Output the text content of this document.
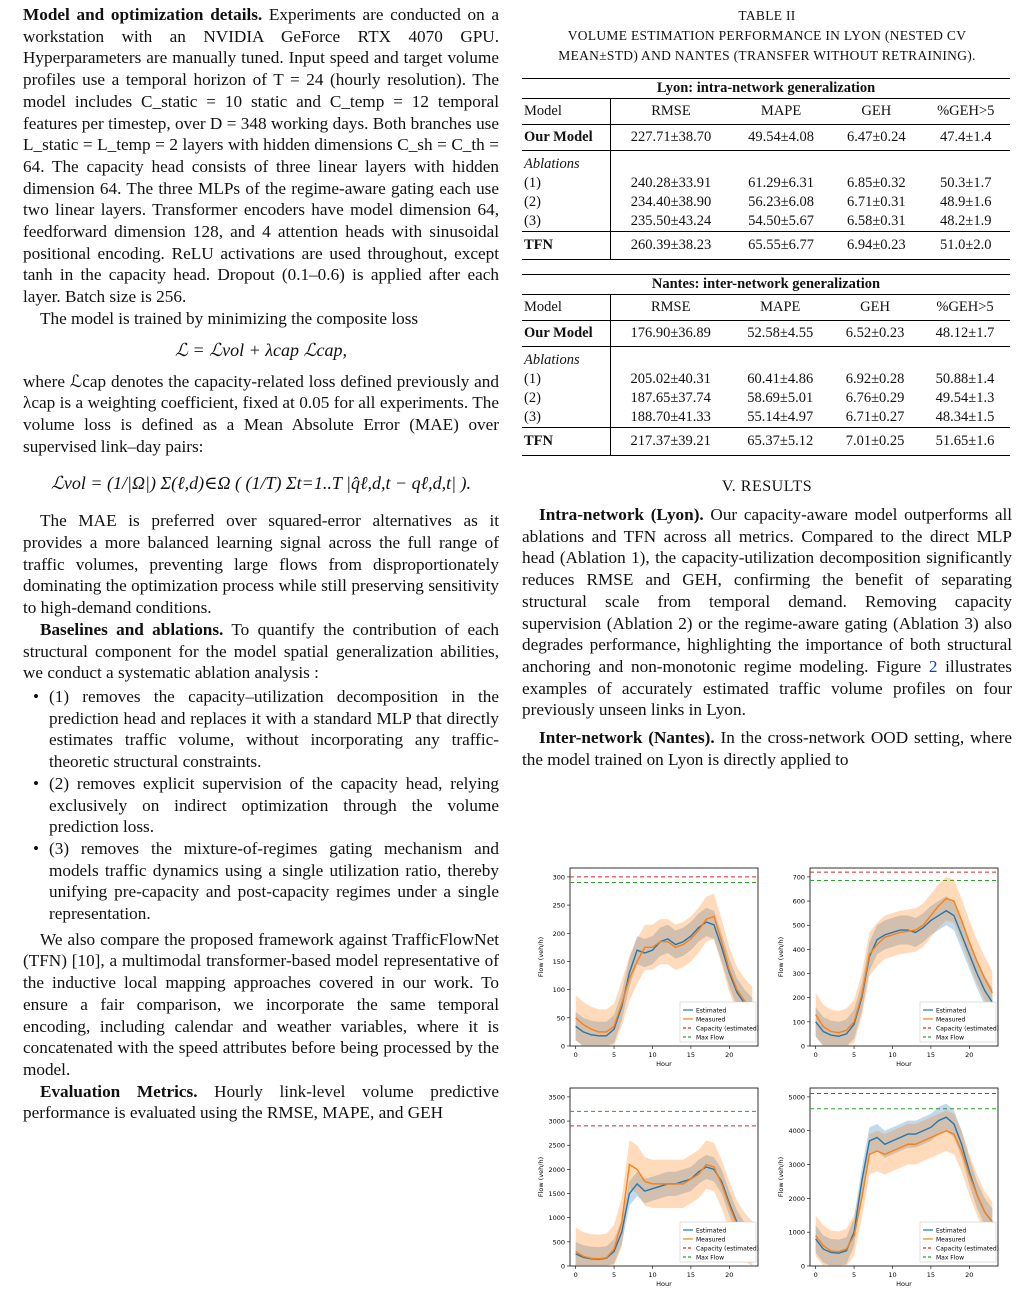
Model and optimization details. Experiments are conducted on a workstation with an NVIDIA GeForce RTX 4070 GPU. Hyperparameters are manually tuned. Input speed and target volume profiles use a temporal horizon of T = 24 (hourly resolution). The model includes C_static = 10 static and C_temp = 12 temporal features per timestep, over D = 348 working days. Both branches use L_static = L_temp = 2 layers with hidden dimensions C_sh = C_th = 64. The capacity head consists of three linear layers with hidden dimension 64. The three MLPs of the regime-aware gating each use two linear layers. Transformer encoders have model dimension 64, feedforward dimension 128, and 4 attention heads with sinusoidal positional encoding. ReLU activations are used throughout, except tanh in the capacity head. Dropout (0.1–0.6) is applied after each layer. Batch size is 256.

The model is trained by minimizing the composite loss

ℒ = ℒvol + λcap ℒcap,

where ℒcap denotes the capacity-related loss defined previously and λcap is a weighting coefficient, fixed at 0.05 for all experiments. The volume loss is defined as a Mean Absolute Error (MAE) over supervised link–day pairs:

ℒvol = (1/|Ω|) Σ(ℓ,d)∈Ω ( (1/T) Σt=1..T |q̂ℓ,d,t − qℓ,d,t| ).

The MAE is preferred over squared-error alternatives as it provides a more balanced learning signal across the full range of traffic volumes, preventing large flows from disproportionately dominating the optimization process while still preserving sensitivity to high-demand conditions.

Baselines and ablations. To quantify the contribution of each structural component for the model spatial generalization abilities, we conduct a systematic ablation analysis :

• (1) removes the capacity–utilization decomposition in the prediction head and replaces it with a standard MLP that directly estimates traffic volume, without incorporating any traffic-theoretic structural constraints.
• (2) removes explicit supervision of the capacity head, relying exclusively on indirect optimization through the volume prediction loss.
• (3) removes the mixture-of-regimes gating mechanism and models traffic dynamics using a single utilization ratio, thereby unifying pre-capacity and post-capacity regimes under a single representation.

We also compare the proposed framework against TrafficFlowNet (TFN) [10], a multimodal transformer-based model representative of the inductive local mapping approaches covered in our work. To ensure a fair comparison, we incorporate the same temporal encoding, including calendar and weather variables, where it is concatenated with the speed attributes before being processed by the model.

Evaluation Metrics. Hourly link-level volume predictive performance is evaluated using the RMSE, MAPE, and GEH

TABLE II
VOLUME ESTIMATION PERFORMANCE IN LYON (NESTED CV MEAN±STD) AND NANTES (TRANSFER WITHOUT RETRAINING).
Lyon: intra-network generalization				
Model	RMSE	MAPE	GEH	%GEH>5
Our Model	227.71±38.70	49.54±4.08	6.47±0.24	47.4±1.4
Ablations				
(1)	240.28±33.91	61.29±6.31	6.85±0.32	50.3±1.7
(2)	234.40±38.90	56.23±6.08	6.71±0.31	48.9±1.6
(3)	235.50±43.24	54.50±5.67	6.58±0.31	48.2±1.9
TFN	260.39±38.23	65.55±6.77	6.94±0.23	51.0±2.0
Nantes: inter-network generalization				
Model	RMSE	MAPE	GEH	%GEH>5
Our Model	176.90±36.89	52.58±4.55	6.52±0.23	48.12±1.7
Ablations				
(1)	205.02±40.31	60.41±4.86	6.92±0.28	50.88±1.4
(2)	187.65±37.74	58.69±5.01	6.76±0.29	49.54±1.3
(3)	188.70±41.33	55.14±4.97	6.71±0.27	48.34±1.5
TFN	217.37±39.21	65.37±5.12	7.01±0.25	51.65±1.6
V. RESULTS

Intra-network (Lyon). Our capacity-aware model outperforms all ablations and TFN across all metrics. Compared to the direct MLP head (Ablation 1), the capacity-utilization decomposition significantly reduces RMSE and GEH, confirming the benefit of separating structural scale from temporal demand. Removing capacity supervision (Ablation 2) or the regime-aware gating (Ablation 3) also degrades performance, highlighting the importance of both structural anchoring and non-monotonic regime modeling. Figure 2 illustrates examples of accurately estimated traffic volume profiles on four previously unseen links in Lyon.

Inter-network (Nantes). In the cross-network OOD setting, where the model trained on Lyon is directly applied to

0
50
100
150
200
250
300
0	5	10	15	20
Hour
Flow (veh/h)
Estimated
Measured
Capacity (estimated)
Max Flow
0
100
200
300
400
500
600
700
0	5	10	15	20
Hour
Flow (veh/h)
Estimated
Measured
Capacity (estimated)
Max Flow
0
500
1000
1500
2000
2500
3000
3500
0	5	10	15	20
Hour
Flow (veh/h)
Estimated
Measured
Capacity (estimated)
Max Flow
0
1000
2000
3000
4000
5000
0	5	10	15	20
Hour
Flow (veh/h)
Estimated
Measured
Capacity (estimated)
Max Flow
